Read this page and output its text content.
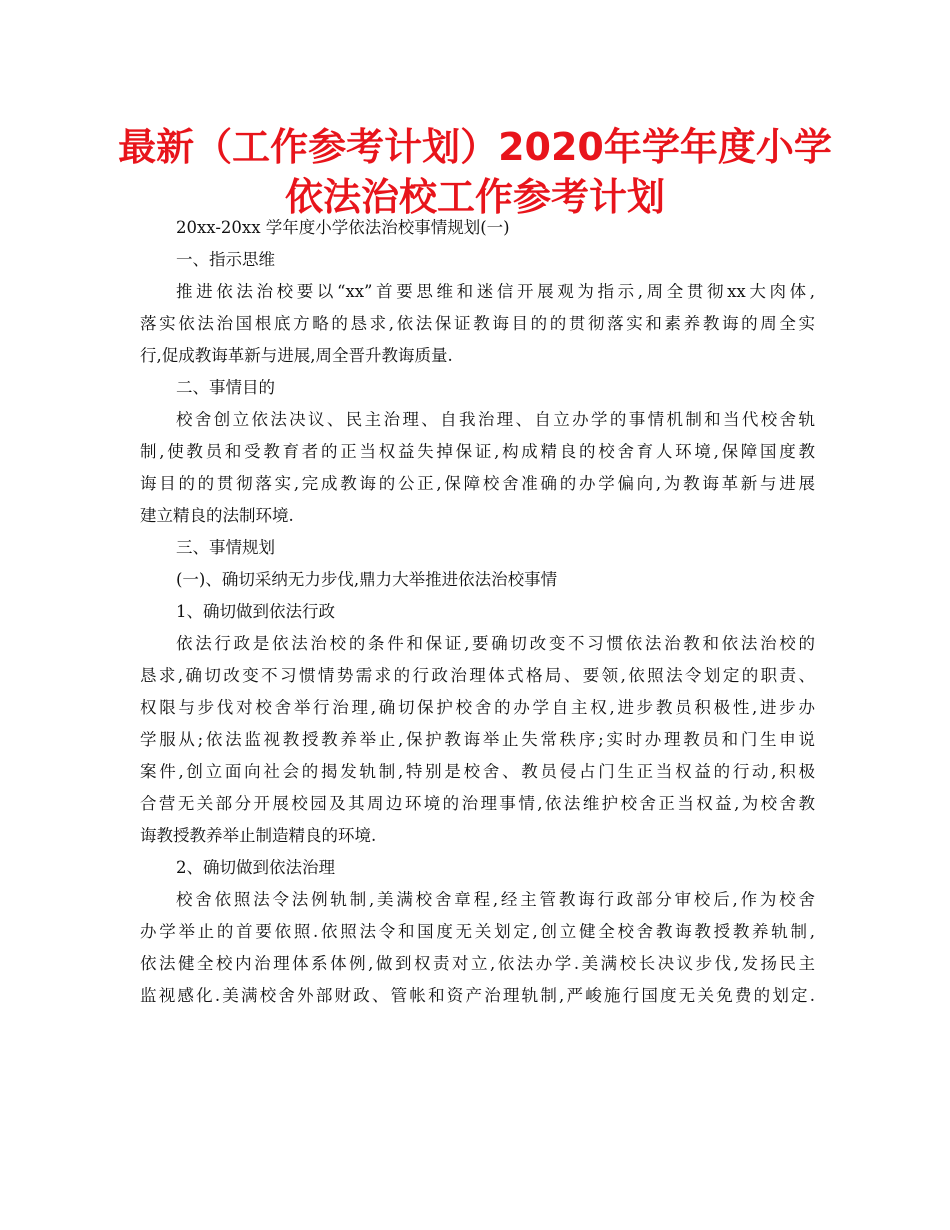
最新（工作参考计划）2020年学年度小学
依法治校工作参考计划
20xx-20xx 学年度小学依法治校事情规划(一)
一、指示思维
推进依法治校要以“xx”首要思维和迷信开展观为指示,周全贯彻xx大肉体,
落实依法治国根底方略的恳求,依法保证教诲目的的贯彻落实和素养教诲的周全实
行,促成教诲革新与进展,周全晋升教诲质量.
二、事情目的
校舍创立依法决议、民主治理、自我治理、自立办学的事情机制和当代校舍轨
制,使教员和受教育者的正当权益失掉保证,构成精良的校舍育人环境,保障国度教
诲目的的贯彻落实,完成教诲的公正,保障校舍准确的办学偏向,为教诲革新与进展
建立精良的法制环境.
三、事情规划
(一)、确切采纳无力步伐,鼎力大举推进依法治校事情
1、确切做到依法行政
依法行政是依法治校的条件和保证,要确切改变不习惯依法治教和依法治校的
恳求,确切改变不习惯情势需求的行政治理体式格局、要领,依照法令划定的职责、
权限与步伐对校舍举行治理,确切保护校舍的办学自主权,进步教员积极性,进步办
学服从;依法监视教授教养举止,保护教诲举止失常秩序;实时办理教员和门生申说
案件,创立面向社会的揭发轨制,特别是校舍、教员侵占门生正当权益的行动,积极
合营无关部分开展校园及其周边环境的治理事情,依法维护校舍正当权益,为校舍教
诲教授教养举止制造精良的环境.
2、确切做到依法治理
校舍依照法令法例轨制,美满校舍章程,经主管教诲行政部分审校后,作为校舍
办学举止的首要依照.依照法令和国度无关划定,创立健全校舍教诲教授教养轨制,
依法健全校内治理体系体例,做到权责对立,依法办学.美满校长决议步伐,发扬民主
监视感化.美满校舍外部财政、管帐和资产治理轨制,严峻施行国度无关免费的划定.
